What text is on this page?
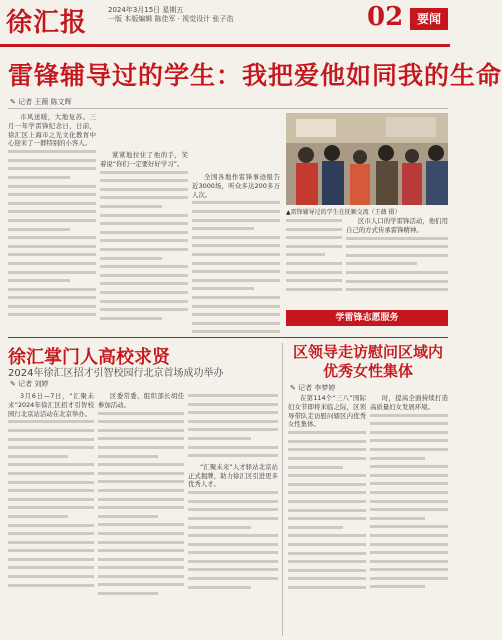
徐汇报	2024年3月15日 星期五
一版 本版编辑 陈佳军 · 视觉设计 张子浩	02	要闻
雷锋辅导过的学生：我把爱他如同我的生命
✎ 记者 王薇 陈文辉

市风送暖，大地复苏。三月一年学雷锋纪念日，日前，徐汇区上海市之光文化教育中心迎来了一群特别的小客人。

紧紧地拉住了他的手，笑着说“你们一定要好好学习”。

全国各地作雷锋事迹报告近3000场，听众多达200多万人次。

▲雷锋辅导过的学生在抚顺交流（王薇 摄）

区市人口的学雷锋活动，他们用自己的方式传承雷锋精神。

学雷锋志愿服务
徐汇掌门人高校求贤
2024年徐汇区招才引智校园行北京首场成功举办
✎ 记者 刘婷

3月6日—7日，“汇聚未来”2024年徐汇区招才引智校园行北京站活动在北京举办。

区委常委、组织部长胡佳参加活动。

“汇聚未来”人才驿站北京站正式揭牌，助力徐汇区引进更多优秀人才。

区领导走访慰问区域内优秀女性集体
✎ 记者 李梦婷

在第114个“三八”国际妇女节即将来临之际，区领导带队走访慰问辖区内优秀女性集体。

时，提高全面持续打造高质量妇女发展环境。
